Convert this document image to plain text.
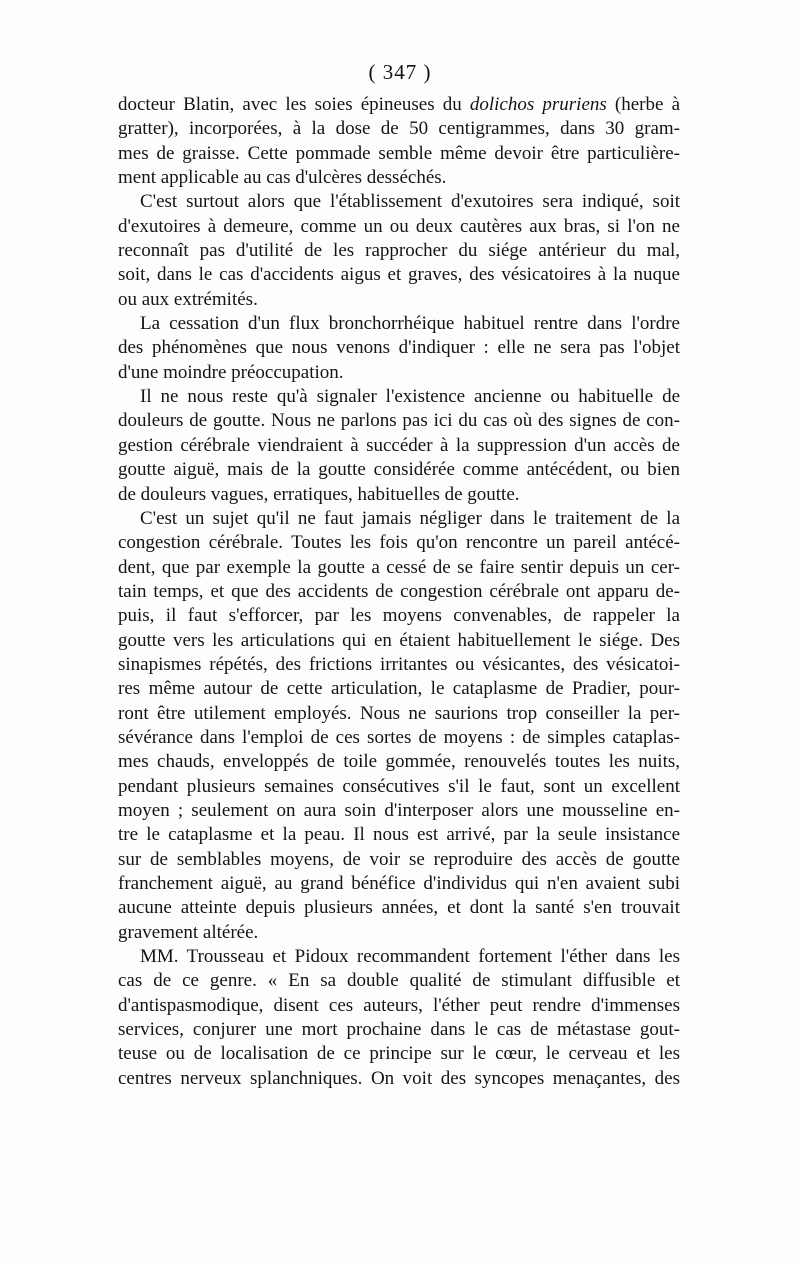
( 347 )
docteur Blatin, avec les soies épineuses du dolichos pruriens (herbe à
gratter), incorporées, à la dose de 50 centigrammes, dans 30 gram-
mes de graisse. Cette pommade semble même devoir être particulière-
ment applicable au cas d'ulcères desséchés.
C'est surtout alors que l'établissement d'exutoires sera indiqué, soit
d'exutoires à demeure, comme un ou deux cautères aux bras, si l'on ne
reconnaît pas d'utilité de les rapprocher du siége antérieur du mal,
soit, dans le cas d'accidents aigus et graves, des vésicatoires à la nuque
ou aux extrémités.
La cessation d'un flux bronchorrhéique habituel rentre dans l'ordre
des phénomènes que nous venons d'indiquer : elle ne sera pas l'objet
d'une moindre préoccupation.
Il ne nous reste qu'à signaler l'existence ancienne ou habituelle de
douleurs de goutte. Nous ne parlons pas ici du cas où des signes de con-
gestion cérébrale viendraient à succéder à la suppression d'un accès de
goutte aiguë, mais de la goutte considérée comme antécédent, ou bien
de douleurs vagues, erratiques, habituelles de goutte.
C'est un sujet qu'il ne faut jamais négliger dans le traitement de la
congestion cérébrale. Toutes les fois qu'on rencontre un pareil antécé-
dent, que par exemple la goutte a cessé de se faire sentir depuis un cer-
tain temps, et que des accidents de congestion cérébrale ont apparu de-
puis, il faut s'efforcer, par les moyens convenables, de rappeler la
goutte vers les articulations qui en étaient habituellement le siége. Des
sinapismes répétés, des frictions irritantes ou vésicantes, des vésicatoi-
res même autour de cette articulation, le cataplasme de Pradier, pour-
ront être utilement employés. Nous ne saurions trop conseiller la per-
sévérance dans l'emploi de ces sortes de moyens : de simples cataplas-
mes chauds, enveloppés de toile gommée, renouvelés toutes les nuits,
pendant plusieurs semaines consécutives s'il le faut, sont un excellent
moyen ; seulement on aura soin d'interposer alors une mousseline en-
tre le cataplasme et la peau. Il nous est arrivé, par la seule insistance
sur de semblables moyens, de voir se reproduire des accès de goutte
franchement aiguë, au grand bénéfice d'individus qui n'en avaient subi
aucune atteinte depuis plusieurs années, et dont la santé s'en trouvait
gravement altérée.
MM. Trousseau et Pidoux recommandent fortement l'éther dans les
cas de ce genre. « En sa double qualité de stimulant diffusible et
d'antispasmodique, disent ces auteurs, l'éther peut rendre d'immenses
services, conjurer une mort prochaine dans le cas de métastase gout-
teuse ou de localisation de ce principe sur le cœur, le cerveau et les
centres nerveux splanchniques. On voit des syncopes menaçantes, des
